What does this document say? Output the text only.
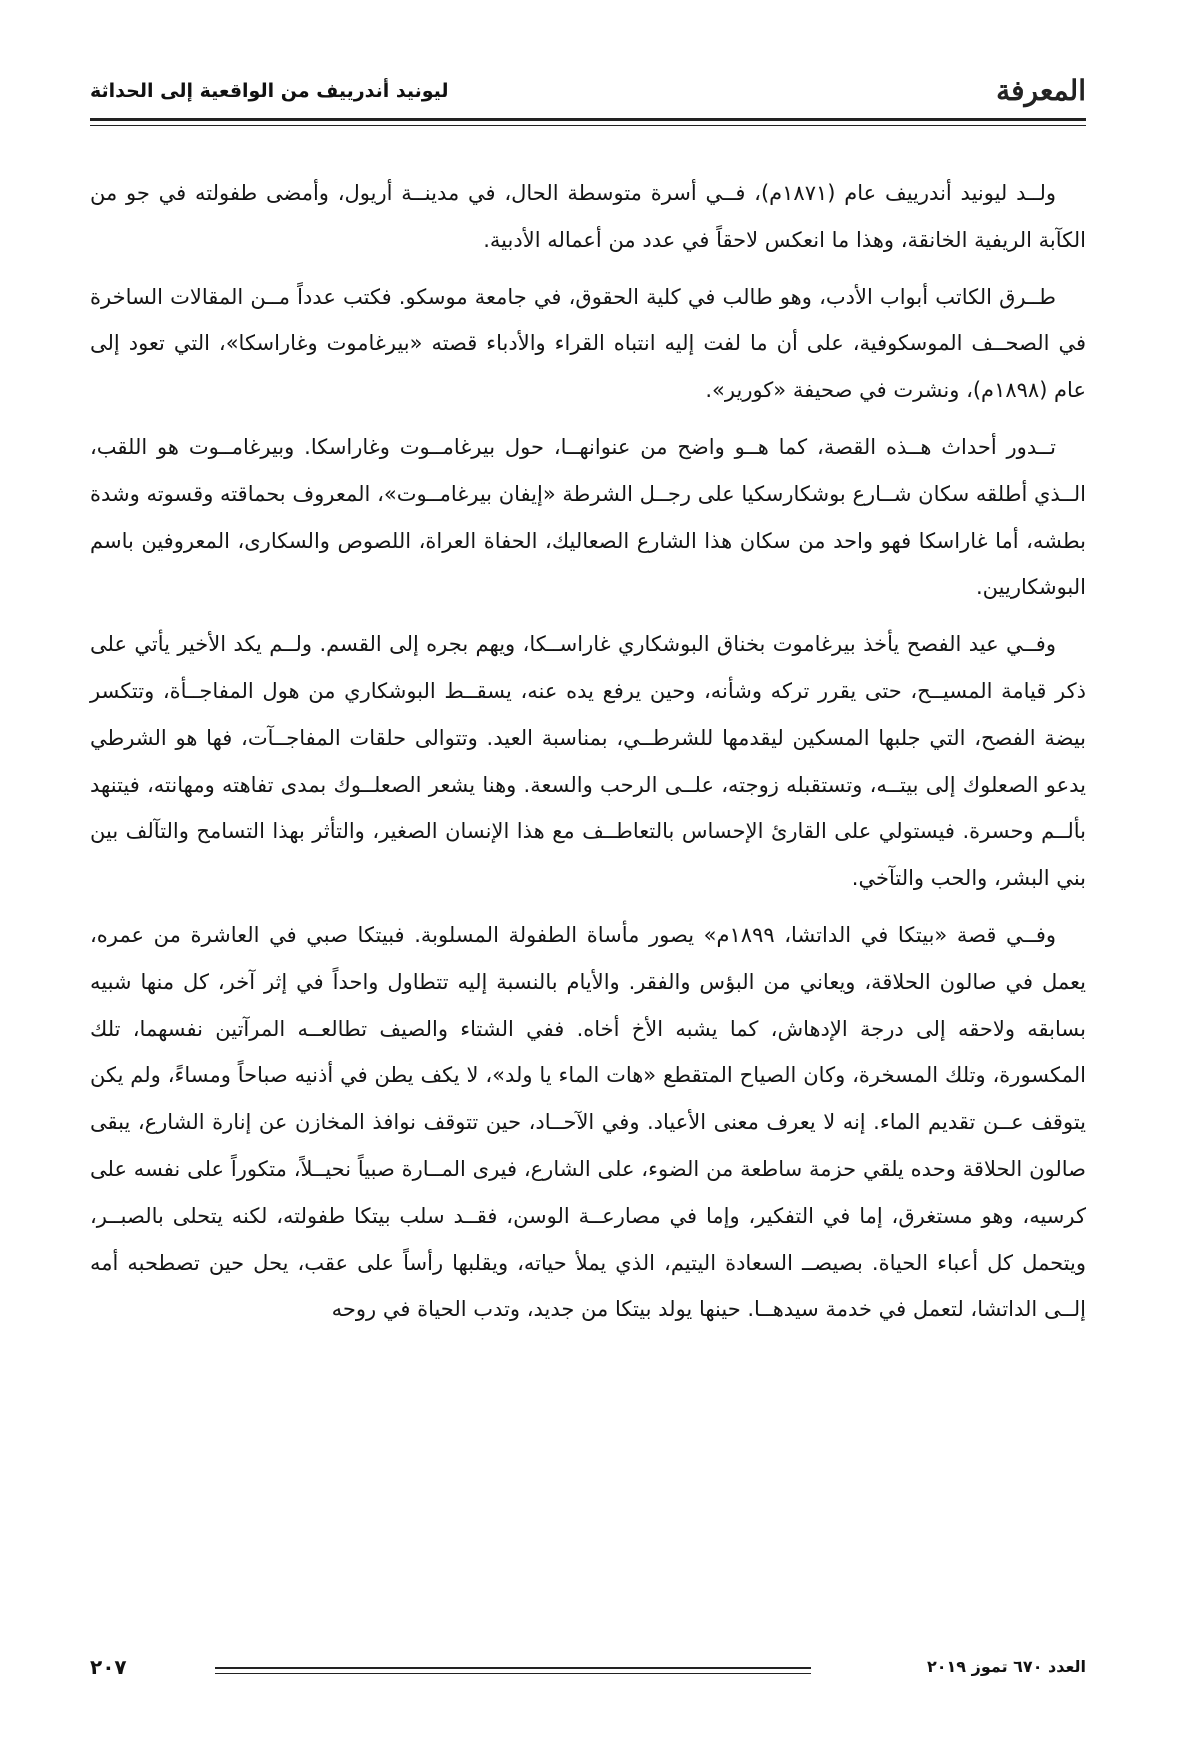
المعرفة
ليونيد أندرييف من الواقعية إلى الحداثة

ولــد ليونيد أندرييف عام (١٨٧١م)، فــي أسرة متوسطة الحال، في مدينــة أريول، وأمضى طفولته في جو من الكآبة الريفية الخانقة، وهذا ما انعكس لاحقاً في عدد من أعماله الأدبية.

طــرق الكاتب أبواب الأدب، وهو طالب في كلية الحقوق، في جامعة موسكو. فكتب عدداً مــن المقالات الساخرة في الصحــف الموسكوفية، على أن ما لفت إليه انتباه القراء والأدباء قصته «بيرغاموت وغاراسكا»، التي تعود إلى عام (١٨٩٨م)، ونشرت في صحيفة «كورير».

تــدور أحداث هــذه القصة، كما هــو واضح من عنوانهــا، حول بيرغامــوت وغاراسكا. وبيرغامــوت هو اللقب، الــذي أطلقه سكان شــارع بوشكارسكيا على رجــل الشرطة «إيفان بيرغامــوت»، المعروف بحماقته وقسوته وشدة بطشه، أما غاراسكا فهو واحد من سكان هذا الشارع الصعاليك، الحفاة العراة، اللصوص والسكارى، المعروفين باسم البوشكاريين.

وفــي عيد الفصح يأخذ بيرغاموت بخناق البوشكاري غاراســكا، ويهم بجره إلى القسم. ولــم يكد الأخير يأتي على ذكر قيامة المسيــح، حتى يقرر تركه وشأنه، وحين يرفع يده عنه، يسقــط البوشكاري من هول المفاجــأة، وتتكسر بيضة الفصح، التي جلبها المسكين ليقدمها للشرطــي، بمناسبة العيد. وتتوالى حلقات المفاجــآت، فها هو الشرطي يدعو الصعلوك إلى بيتــه، وتستقبله زوجته، علــى الرحب والسعة. وهنا يشعر الصعلــوك بمدى تفاهته ومهانته، فيتنهد بألــم وحسرة. فيستولي على القارئ الإحساس بالتعاطــف مع هذا الإنسان الصغير، والتأثر بهذا التسامح والتآلف بين بني البشر، والحب والتآخي.

وفــي قصة «بيتكا في الداتشا، ١٨٩٩م» يصور مأساة الطفولة المسلوبة. فبيتكا صبي في العاشرة من عمره، يعمل في صالون الحلاقة، ويعاني من البؤس والفقر. والأيام بالنسبة إليه تتطاول واحداً في إثر آخر، كل منها شبيه بسابقه ولاحقه إلى درجة الإدهاش، كما يشبه الأخ أخاه. ففي الشتاء والصيف تطالعــه المرآتين نفسهما، تلك المكسورة، وتلك المسخرة، وكان الصياح المتقطع «هات الماء يا ولد»، لا يكف يطن في أذنيه صباحاً ومساءً، ولم يكن يتوقف عــن تقديم الماء. إنه لا يعرف معنى الأعياد. وفي الآحــاد، حين تتوقف نوافذ المخازن عن إنارة الشارع، يبقى صالون الحلاقة وحده يلقي حزمة ساطعة من الضوء، على الشارع، فيرى المــارة صبياً نحيــلاً، متكوراً على نفسه على كرسيه، وهو مستغرق، إما في التفكير، وإما في مصارعــة الوسن، فقــد سلب بيتكا طفولته، لكنه يتحلى بالصبــر، ويتحمل كل أعباء الحياة. بصيصــ السعادة اليتيم، الذي يملأ حياته، ويقلبها رأساً على عقب، يحل حين تصطحبه أمه إلــى الداتشا، لتعمل في خدمة سيدهــا. حينها يولد بيتكا من جديد، وتدب الحياة في روحه

العدد ٦٧٠ تموز ٢٠١٩
٢٠٧
